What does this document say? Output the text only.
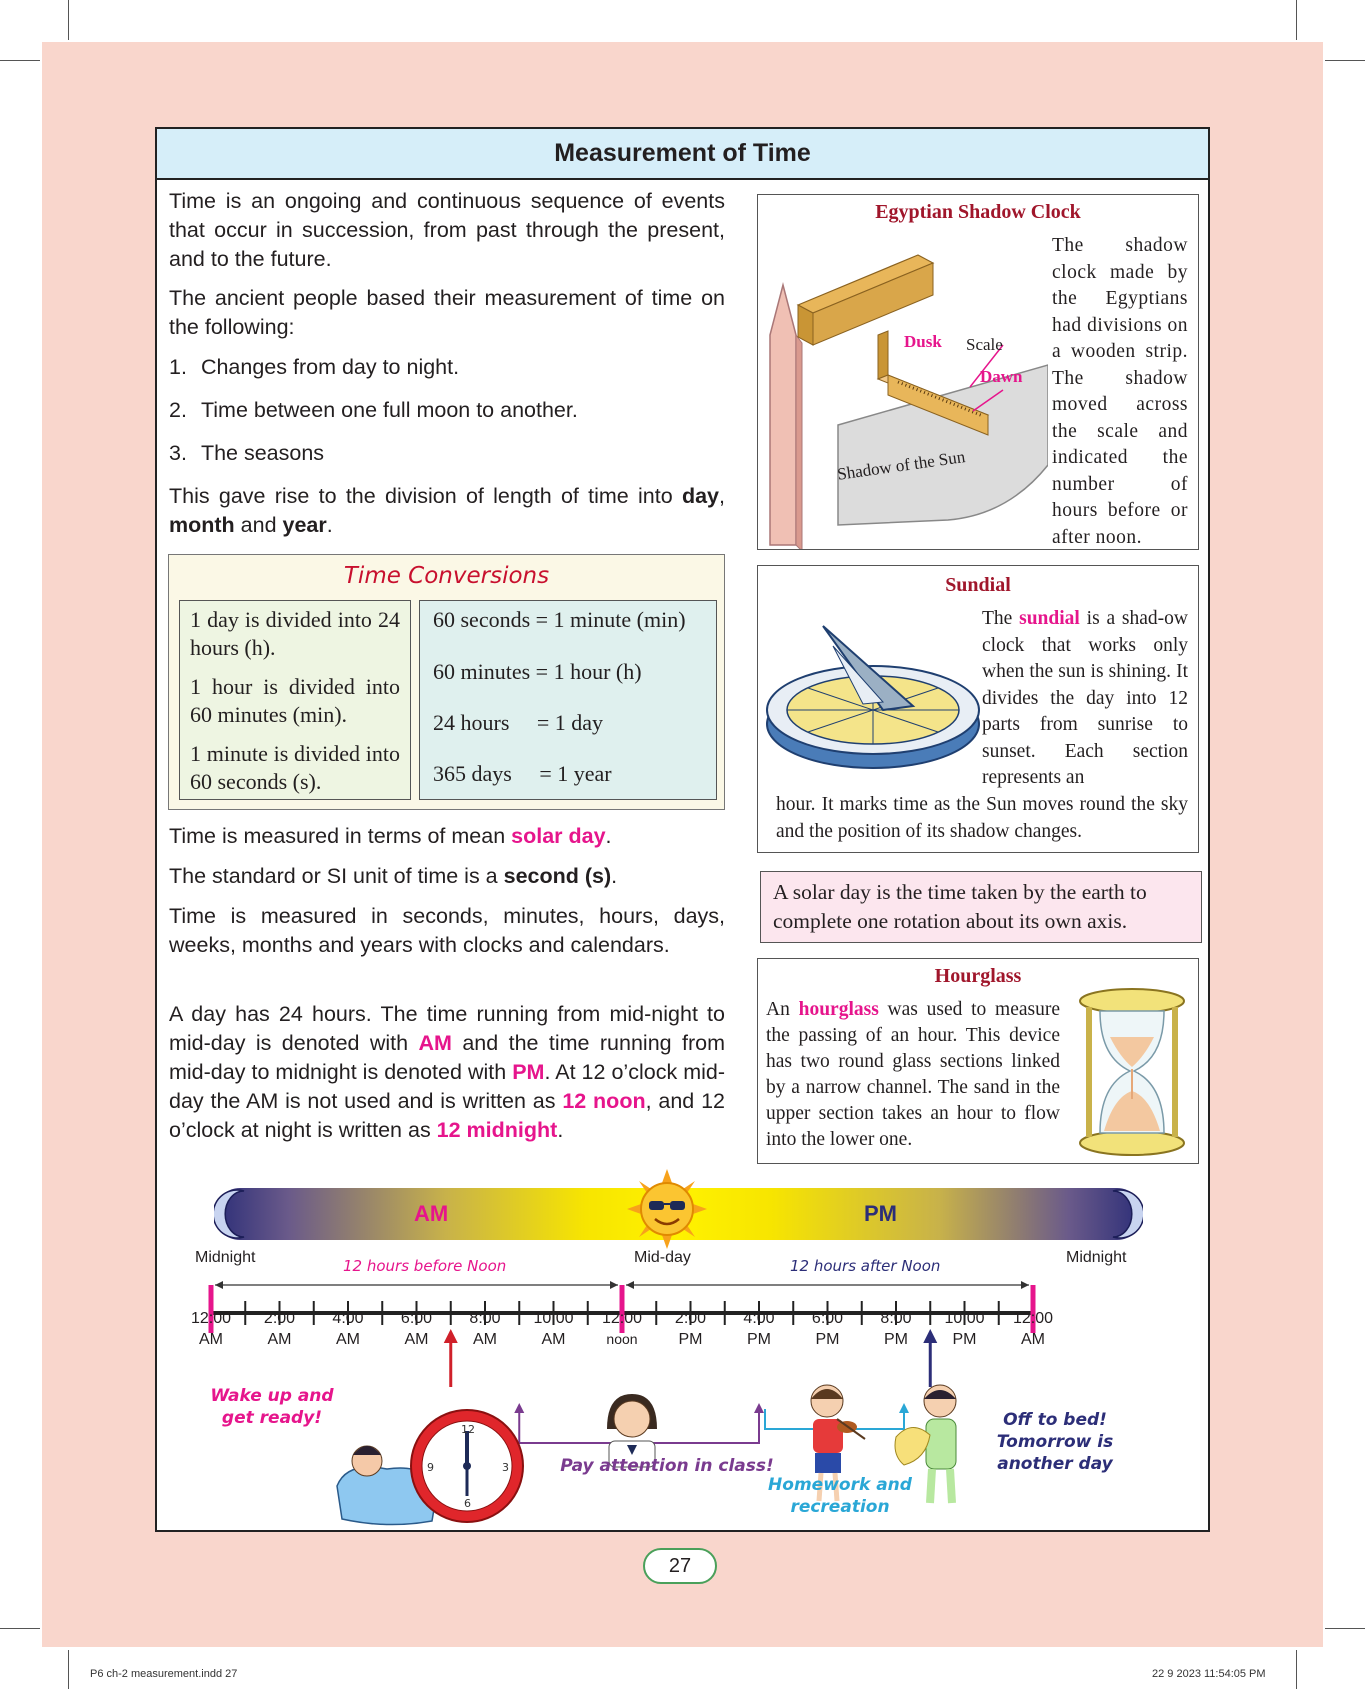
P6 ch-2 measurement.indd 27	22 9 2023 11:54:05 PM
Measurement of Time
Time is an ongoing and continuous sequence of events that occur in succession, from past through the present, and to the future.
The ancient people based their measurement of time on the following:
1. Changes from day to night.
2. Time between one full moon to another.
3. The seasons
This gave rise to the division of length of time into day, month and year.
Time Conversions

1 day is divided into 24 hours (h).

1 hour is divided into 60 minutes (min).

1 minute is divided into 60 seconds (s).

60 seconds = 1 minute (min)
60 minutes = 1 hour (h)
24 hours     = 1 day
365 days     = 1 year
Time is measured in terms of mean solar day.
The standard or SI unit of time is a second (s).
Time is measured in seconds, minutes, hours, days, weeks, months and years with clocks and calendars.
A day has 24 hours. The time running from mid-night to mid-day is denoted with AM and the time running from mid-day to midnight is denoted with PM. At 12 o’clock mid-day the AM is not used and is written as 12 noon, and 12 o’clock at night is written as 12 midnight.
Egyptian Shadow Clock
Dusk Scale
Dawn
Shadow of the Sun
The shadow clock made by the Egyptians had divisions on a wooden strip. The shadow moved across the scale and indicated the number of hours before or after noon.
Sundial
The sundial is a shad-ow clock that works only when the sun is shining. It divides the day into 12 parts from sunrise to sunset. Each section represents an
hour. It marks time as the Sun moves round the sky and the position of its shadow changes.
A solar day is the time taken by the earth to complete one rotation about its own axis.
Hourglass
An hourglass was used to measure the passing of an hour. This device has two round glass sections linked by a narrow channel. The sand in the upper section takes an hour to flow into the lower one.
AM	PM
Midnight	Mid-day	Midnight
12 hours before Noon	12 hours after Noon
12
3
6
9
Wake up and get ready!
Pay attention in class!
Homework and recreation
Off to bed! Tomorrow is another day
12:00
AM
2:00
AM
4:00
AM
6:00
AM
8:00
AM
10:00
AM
12:00
noon
2:00
PM
4:00
PM
6:00
PM
8:00
PM
10:00
PM
12:00
AM
27
